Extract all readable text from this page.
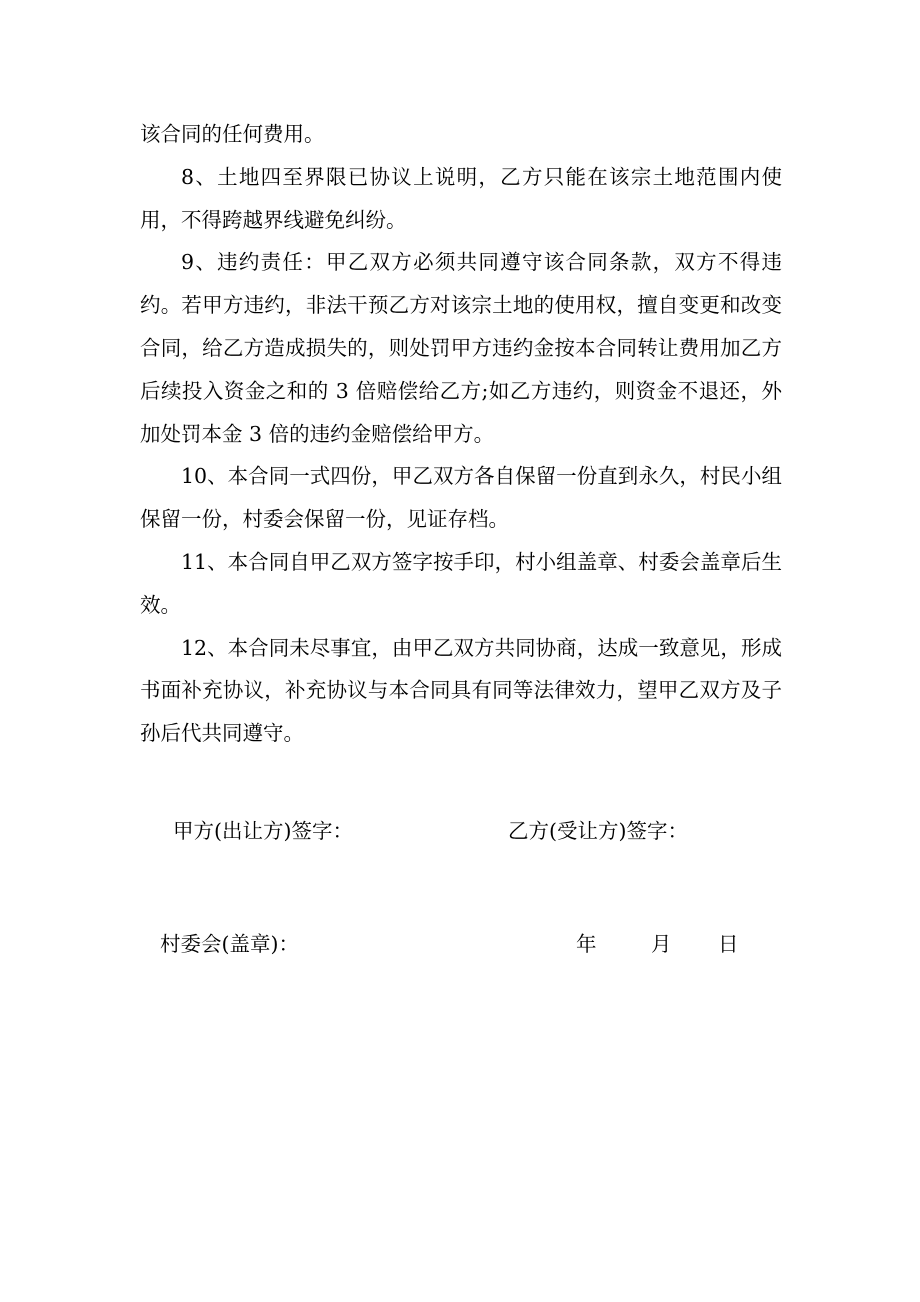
该合同的任何费用。

8、土地四至界限已协议上说明，乙方只能在该宗土地范围内使用，不得跨越界线避免纠纷。

9、违约责任：甲乙双方必须共同遵守该合同条款，双方不得违约。若甲方违约，非法干预乙方对该宗土地的使用权，擅自变更和改变合同，给乙方造成损失的，则处罚甲方违约金按本合同转让费用加乙方后续投入资金之和的 3 倍赔偿给乙方;如乙方违约，则资金不退还，外加处罚本金 3 倍的违约金赔偿给甲方。

10、本合同一式四份，甲乙双方各自保留一份直到永久，村民小组保留一份，村委会保留一份，见证存档。

11、本合同自甲乙双方签字按手印，村小组盖章、村委会盖章后生效。

12、本合同未尽事宜，由甲乙双方共同协商，达成一致意见，形成书面补充协议，补充协议与本合同具有同等法律效力，望甲乙双方及子孙后代共同遵守。

甲方(出让方)签字：	乙方(受让方)签字：
村委会(盖章)：	年	月 日
